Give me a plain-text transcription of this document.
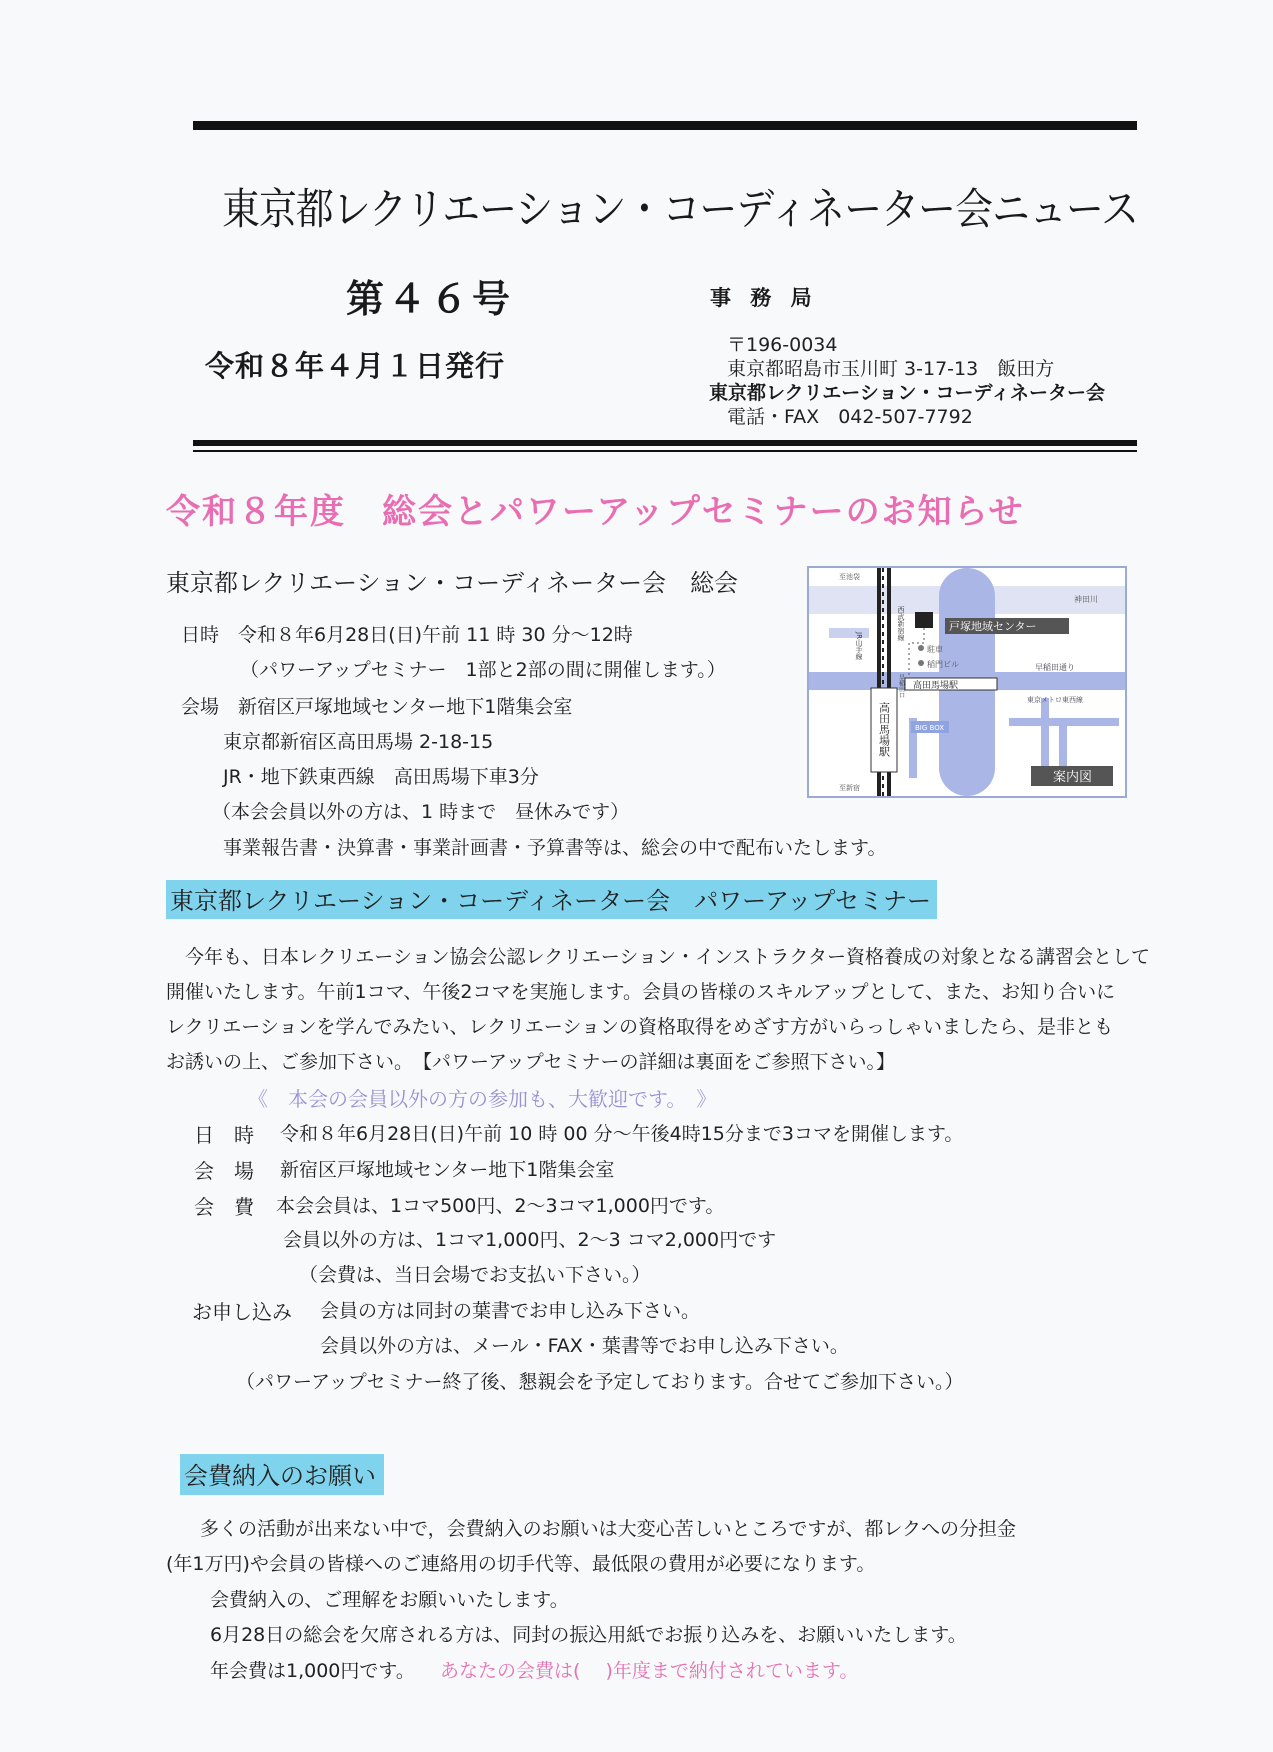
東京都レクリエーション・コーディネーター会ニュース
第４６号
令和８年４月１日発行
事 務 局
〒196-0034
東京都昭島市玉川町 3-17-13　飯田方
東京都レクリエーション・コーディネーター会
電話・FAX　042-507-7792
令和８年度　総会とパワーアップセミナーのお知らせ
東京都レクリエーション・コーディネーター会　総会
日時　令和８年6月28日(日)午前 11 時 30 分～12時
（パワーアップセミナー　1部と2部の間に開催します。）
会場　新宿区戸塚地域センター地下1階集会室
東京都新宿区高田馬場 2-18-15
JR・地下鉄東西線　高田馬場下車3分
（本会会員以外の方は、1 時まで　昼休みです）
事業報告書・決算書・事業計画書・予算書等は、総会の中で配布いたします。
戸塚地域センター
駐車
稲門ビル
高田馬場駅
高田馬場駅
至池袋
至新宿
神田川
JR山手線
西武新宿線
早稲田通り
東京メトロ東西線
早稲田口
BIG BOX
案内図
東京都レクリエーション・コーディネーター会　パワーアップセミナー
今年も、日本レクリエーション協会公認レクリエーション・インストラクター資格養成の対象となる講習会として
開催いたします。午前1コマ、午後2コマを実施します。会員の皆様のスキルアップとして、また、お知り合いに
レクリエーションを学んでみたい、レクリエーションの資格取得をめざす方がいらっしゃいましたら、是非とも
お誘いの上、ご参加下さい。　【パワーアップセミナーの詳細は裏面をご参照下さい。】
《　本会の会員以外の方の参加も、大歓迎です。　》
日　時 令和８年6月28日(日)午前 10 時 00 分～午後4時15分まで3コマを開催します。
会　場 新宿区戸塚地域センター地下1階集会室
会　費 本会会員は、1コマ500円、2～3コマ1,000円です。
会員以外の方は、1コマ1,000円、2～3 コマ2,000円です
（会費は、当日会場でお支払い下さい。）
お申し込み 会員の方は同封の葉書でお申し込み下さい。
会員以外の方は、メール・FAX・葉書等でお申し込み下さい。
（パワーアップセミナー終了後、懇親会を予定しております。合せてご参加下さい。）
会費納入のお願い
多くの活動が出来ない中で，会費納入のお願いは大変心苦しいところですが、都レクへの分担金
(年1万円)や会員の皆様へのご連絡用の切手代等、最低限の費用が必要になります。
会費納入の、ご理解をお願いいたします。
6月28日の総会を欠席される方は、同封の振込用紙でお振り込みを、お願いいたします。
年会費は1,000円です。 あなたの会費は(　 )年度まで納付されています。
